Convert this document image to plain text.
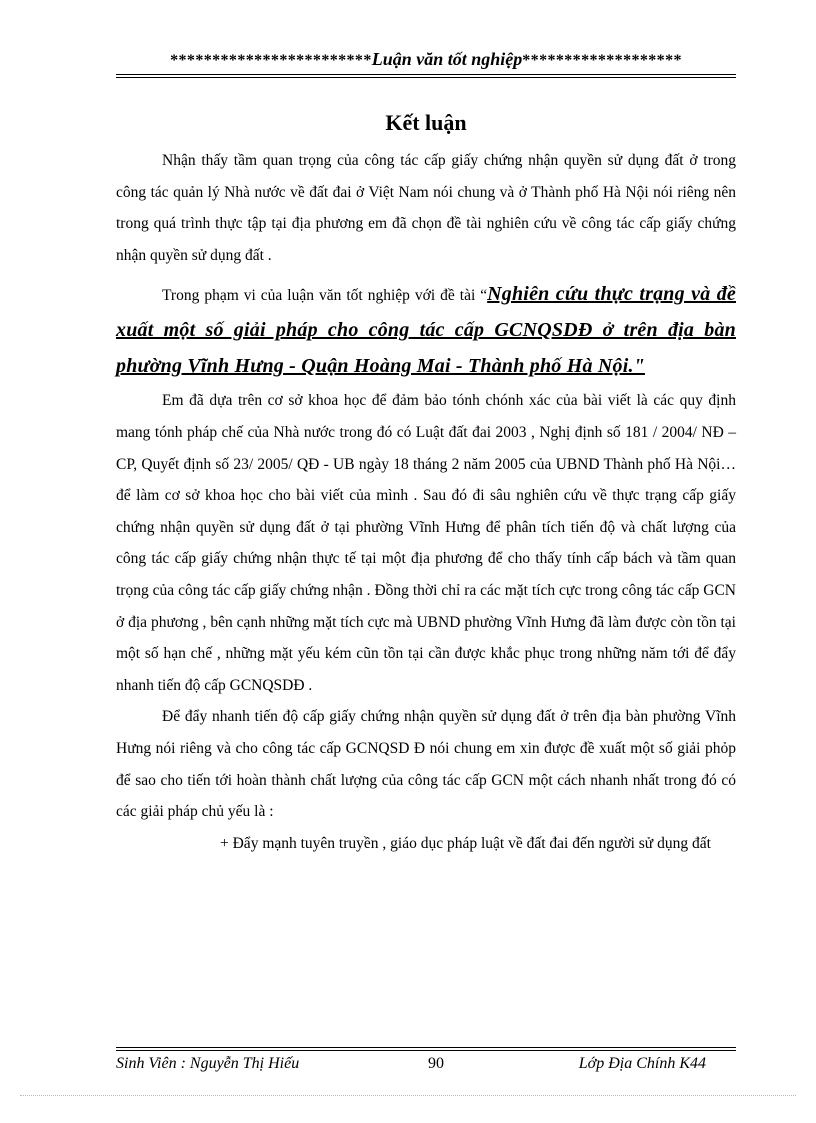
************************Luận văn tốt nghiệp*******************
Kết luận

Nhận thấy tầm quan trọng của công tác cấp giấy chứng nhận quyền sử dụng đất ở trong công tác quản lý Nhà nước về đất đai ở Việt Nam nói chung và ở Thành phố Hà Nội nói riêng nên trong quá trình thực tập tại địa phương em đã chọn đề tài nghiên cứu về công tác cấp giấy chứng nhận quyền sử dụng đất .

Trong phạm vi của luận văn tốt nghiệp với đề tài “Nghiên cứu thực trạng và đề xuất một số giải pháp cho công tác cấp GCNQSDĐ ở trên địa bàn phường Vĩnh Hưng - Quận Hoàng Mai - Thành phố Hà Nội."

Em đã dựa trên cơ sở khoa học để đảm bảo tónh chónh xác của bài viết là các quy định mang tónh pháp chế của Nhà nước trong đó có Luật đất đai 2003 , Nghị định số 181 / 2004/ NĐ – CP, Quyết định số 23/ 2005/ QĐ - UB ngày 18 tháng 2 năm 2005 của UBND Thành phố Hà Nội… để làm cơ sở khoa học cho bài viết của mình . Sau đó đi sâu nghiên cứu về thực trạng cấp giấy chứng nhận quyền sử dụng đất ở tại phường Vĩnh Hưng để phân tích tiến độ và chất lượng của công tác cấp giấy chứng nhận thực tế tại một địa phương để cho thấy tính cấp bách và tầm quan trọng của công tác cấp giấy chứng nhận . Đồng thời chỉ ra các mặt tích cực trong công tác cấp GCN ở địa phương , bên cạnh những mặt tích cực mà UBND phường Vĩnh Hưng đã làm được còn tồn tại một số hạn chế , những mặt yếu kém cũn tồn tại cần được khắc phục trong những năm tới để đẩy nhanh tiến độ cấp GCNQSDĐ .

Để đẩy nhanh tiến độ cấp giấy chứng nhận quyền sử dụng đất ở trên địa bàn phường Vĩnh Hưng nói riêng và cho công tác cấp GCNQSD Đ nói chung em xin được đề xuất một số giải phỏp để sao cho tiến tới hoàn thành chất lượng của công tác cấp GCN một cách nhanh nhất trong đó có các giải pháp chủ yếu là :

+ Đẩy mạnh tuyên truyền , giáo dục pháp luật về đất đai đến người sử dụng đất

Sinh Viên : Nguyễn Thị Hiếu	90	Lớp Địa Chính K44
